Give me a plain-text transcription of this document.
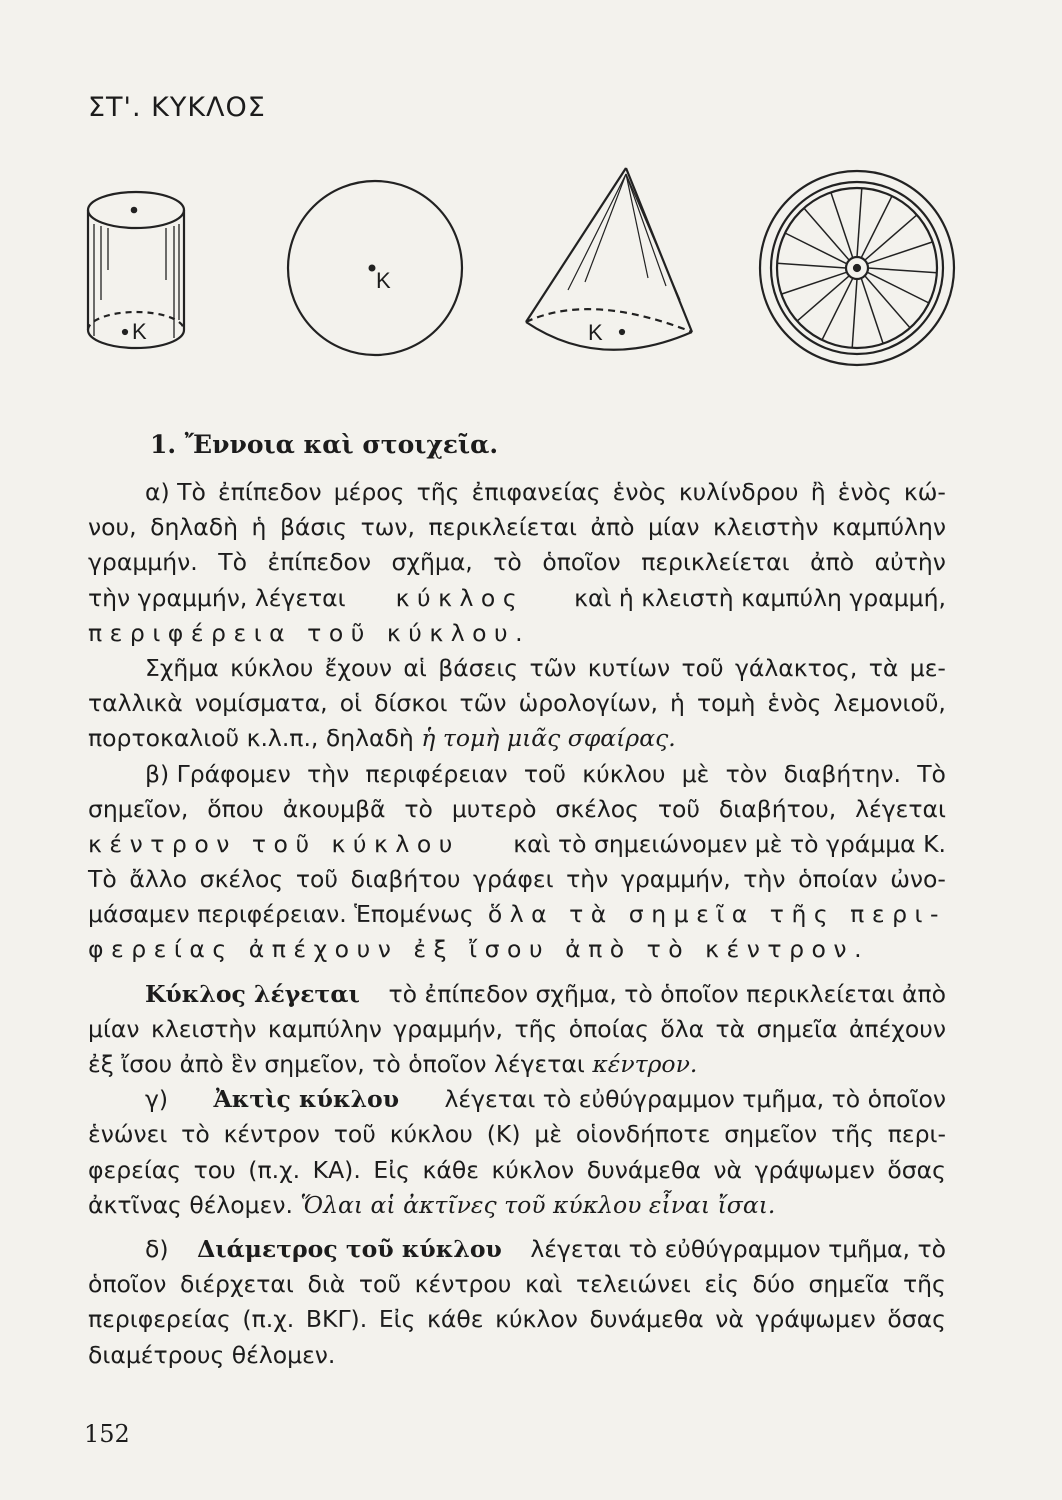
ΣΤ'. ΚΥΚΛΟΣ
Κ
Κ
Κ
1. Ἔννοια καὶ στοιχεῖα.
α) Τὸ ἐπίπεδον μέρος τῆς ἐπιφανείας ἑνὸς κυλίνδρου ἢ ἑνὸς κώ-
νου, δηλαδὴ ἡ βάσις των, περικλείεται ἀπὸ μίαν κλειστὴν καμπύλην
γραμμήν. Τὸ ἐπίπεδον σχῆμα, τὸ ὁποῖον περικλείεται ἀπὸ αὐτὴν
τὴν γραμμήν, λέγεται κύκλος καὶ ἡ κλειστὴ καμπύλη γραμμή,
περιφέρεια τοῦ κύκλου.
Σχῆμα κύκλου ἔχουν αἱ βάσεις τῶν κυτίων τοῦ γάλακτος, τὰ με-
ταλλικὰ νομίσματα, οἱ δίσκοι τῶν ὡρολογίων, ἡ τομὴ ἑνὸς λεμονιοῦ,
πορτοκαλιοῦ κ.λ.π., δηλαδὴ ἡ τομὴ μιᾶς σφαίρας.
β) Γράφομεν τὴν περιφέρειαν τοῦ κύκλου μὲ τὸν διαβήτην. Τὸ
σημεῖον, ὅπου ἀκουμβᾶ τὸ μυτερὸ σκέλος τοῦ διαβήτου, λέγεται
κέντρον τοῦ κύκλου καὶ τὸ σημειώνομεν μὲ τὸ γράμμα Κ.
Τὸ ἄλλο σκέλος τοῦ διαβήτου γράφει τὴν γραμμήν, τὴν ὁποίαν ὠνο-
μάσαμεν περιφέρειαν. Ἑπομένως ὅλα τὰ σημεῖα τῆς περι-
φερείας ἀπέχουν ἐξ ἴσου ἀπὸ τὸ κέντρον.
Κύκλος λέγεται τὸ ἐπίπεδον σχῆμα, τὸ ὁποῖον περικλείεται ἀπὸ
μίαν κλειστὴν καμπύλην γραμμήν, τῆς ὁποίας ὅλα τὰ σημεῖα ἀπέχουν
ἐξ ἴσου ἀπὸ ἓν σημεῖον, τὸ ὁποῖον λέγεται κέντρον.
γ) Ἀκτὶς κύκλου λέγεται τὸ εὐθύγραμμον τμῆμα, τὸ ὁποῖον
ἑνώνει τὸ κέντρον τοῦ κύκλου (Κ) μὲ οἱονδήποτε σημεῖον τῆς περι-
φερείας του (π.χ. ΚΑ). Εἰς κάθε κύκλον δυνάμεθα νὰ γράψωμεν ὅσας
ἀκτῖνας θέλομεν. Ὅλαι αἱ ἀκτῖνες τοῦ κύκλου εἶναι ἴσαι.
δ) Διάμετρος τοῦ κύκλου λέγεται τὸ εὐθύγραμμον τμῆμα, τὸ
ὁποῖον διέρχεται διὰ τοῦ κέντρου καὶ τελειώνει εἰς δύο σημεῖα τῆς
περιφερείας (π.χ. ΒΚΓ). Εἰς κάθε κύκλον δυνάμεθα νὰ γράψωμεν ὅσας
διαμέτρους θέλομεν.
152
